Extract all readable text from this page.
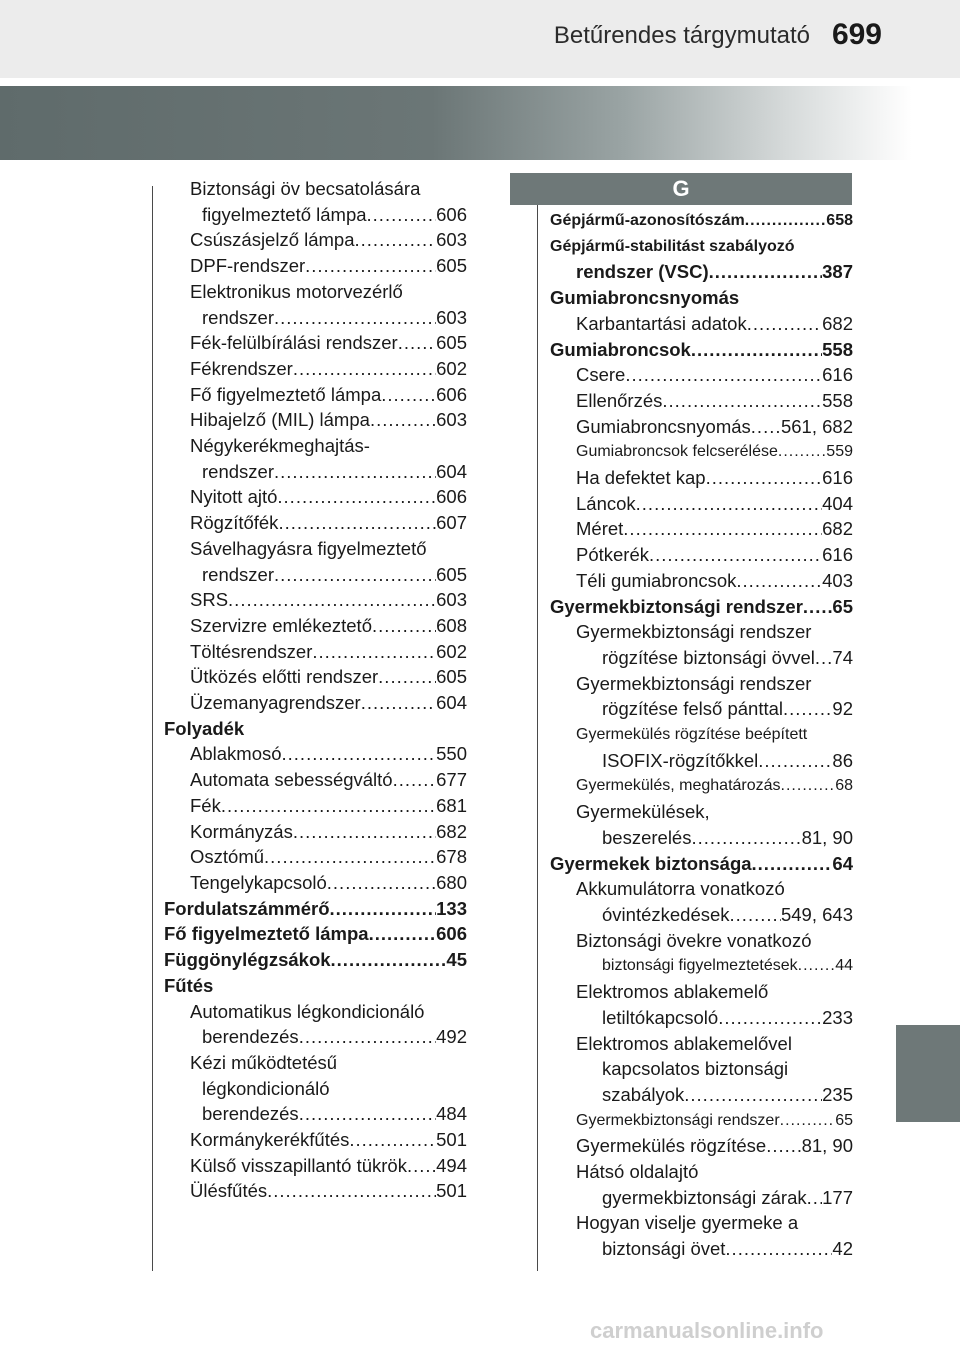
Betűrendes tárgymutató 699
G
Biztonsági öv becsatolására
figyelmeztető lámpa .....	606
Csúszásjelző lámpa .....	603
DPF-rendszer .....	605
Elektronikus motorvezérlő
rendszer .....	603
Fék-felülbírálási rendszer ..... 605
Fékrendszer .....	602
Fő figyelmeztető lámpa .....	606
Hibajelző (MIL) lámpa .....	603
Négykerékmeghajtás-
rendszer .....	604
Nyitott ajtó .....	606
Rögzítőfék .....	607
Sávelhagyásra figyelmeztető
rendszer .....	605
SRS .....	603
Szervizre emlékeztető .....	608
Töltésrendszer .....	602
Ütközés előtti rendszer .....	605
Üzemanyagrendszer .....	604
Folyadék
Ablakmosó .....	550
Automata sebességváltó ..... 677
Fék .....	681
Kormányzás .....	682
Osztómű .....	678
Tengelykapcsoló .....	680
Fordulatszámmérő .....	133
Fő figyelmeztető lámpa .....	606
Függönylégzsákok .....	45
Fűtés
Automatikus légkondicionáló
berendezés .....	492
Kézi működtetésű
légkondicionáló
berendezés .....	484
Kormánykerékfűtés .....	501
Külső visszapillantó tükrök ..... 494
Ülésfűtés .....	501
Gépjármű-azonosítószám .....	658
Gépjármű-stabilitást szabályozó
rendszer (VSC) .....	387
Gumiabroncsnyomás
Karbantartási adatok .....	682
Gumiabroncsok .....	558
Csere .....	616
Ellenőrzés .....	558
Gumiabroncsnyomás ..... 561, 682
Gumiabroncsok felcserélése .....	559
Ha defektet kap .....	616
Láncok .....	404
Méret .....	682
Pótkerék .....	616
Téli gumiabroncsok .....	403
Gyermekbiztonsági rendszer ..... 65
Gyermekbiztonsági rendszer
rögzítése biztonsági övvel ..... 74
Gyermekbiztonsági rendszer
rögzítése felső pánttal .....	92
Gyermekülés rögzítése beépített
ISOFIX-rögzítőkkel .....	86
Gyermekülés, meghatározás .....	68
Gyermekülések,
beszerelés .....	81, 90
Gyermekek biztonsága .....	64
Akkumulátorra vonatkozó
óvintézkedések .....	549, 643
Biztonsági övekre vonatkozó
biztonsági figyelmeztetések ..... 44
Elektromos ablakemelő
letiltókapcsoló .....	233
Elektromos ablakemelővel
kapcsolatos biztonsági
szabályok .....	235
Gyermekbiztonsági rendszer .....	65
Gyermekülés rögzítése ..... 81, 90
Hátsó oldalajtó
gyermekbiztonsági zárak ..... 177
Hogyan viselje gyermeke a
biztonsági övet .....	42
carmanualsonline.info
